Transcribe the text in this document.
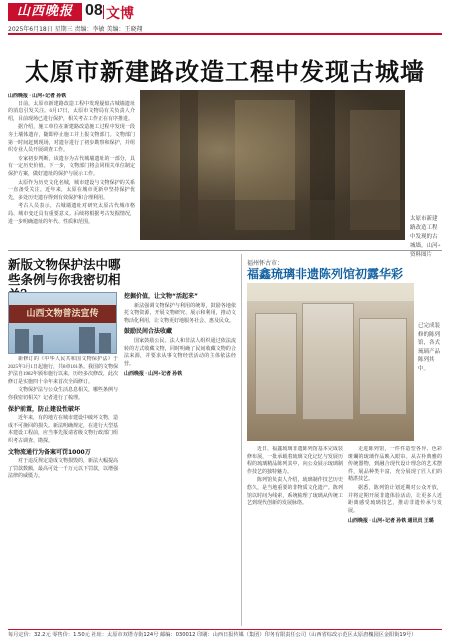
山西晚报 08 文博
2025年6月18日 星期三 责编：李敏 美编：王晓翔
太原市新建路改造工程中发现古城墙
山西晚报 · 山河+记者 孙铁

日前，太原市新建路改造工程中发现疑似古城墙遗址的消息引发关注。6月17日，太原市文物局有关负责人介绍，目前现场已进行保护，相关考古工作正在有序推进。

据介绍，施工单位在新建路改造施工过程中发现一段夯土墙体遗存，随即停止施工并上报文物部门。文物部门第一时间赶到现场，对遗存进行了初步勘察和保护，并组织专业人员开展调查工作。

专家初步判断，该遗存为古代城墙遗址的一部分，具有一定历史价值。下一步，文物部门将会同相关单位制定保护方案，做好遗址的保护与展示工作。

太原作为历史文化名城，城市建设与文物保护的关系一直备受关注。近年来，太原在城市更新中坚持保护优先，多处历史遗存得到有效保护和合理利用。

考古人员表示，古城墙遗址对研究太原古代城市格局、城市变迁具有重要意义。后续将根据考古发掘情况，进一步明确遗址的年代、性质和范围。	太原市新建路改造工程中发现的古城墙。山河+ 资料图片
新版文物保护法中哪些条例与你我密切相
山西文物普法宣传

新修订的《中华人民共和国文物保护法》于2025年3月1日起施行，共8章101条。我国的文物保护法自1982年颁布施行以来，历经多次修改，此次修订是实施四十余年来首次全面修订。

文物保护法与公众生活息息相关，哪些条例与你我密切相关？记者进行了梳理。

保护前置，防止建设性破坏

近年来，有的地方在城市建设中破坏文物，造成不可挽回的损失。新法明确规定，在进行大型基本建设工程前，应当事先报请省级文物行政部门组织考古调查、勘探。

文物流通行为备案可罚1000万

对于违反规定造成文物损毁的，新法大幅提高了罚款数额，最高可处一千万元以下罚款，以增强法律的威慑力。

挖掘价值，让文物“活起来”

新法强调文物保护与利用的统筹，鼓励各地依托文物资源，开展文物研究、展示和利用，推动文物活化利用，让文物更好地服务社会、惠及民众。

鼓励民间合法收藏

国家鼓励公民、法人和非法人组织通过依法流转的方式收藏文物，同时明确了民间收藏文物的合法来源，并要求从事文物经营活动的主体依法经营。

山西晚报 · 山河+记者 孙铁
福州怀古市：
福鑫琉璃非遗陈列馆初露华彩
已完成装修的陈列馆，各式琉璃产品陈列其中。

近日，福鑫琉璃非遗陈列馆基本完成装修布展，一批承载着琉璃文化记忆与发展历程的琉璃精品陈列其中，向公众展示琉璃制作技艺的独特魅力。

陈列馆负责人介绍，琉璃制作技艺历史悠久，是当地重要的非物质文化遗产。陈列馆以时间为线索，系统梳理了琉璃从传统工艺到现代创新的发展脉络。

走进陈列馆，一件件造型各异、色彩斑斓的琉璃作品映入眼帘。从古朴典雅的传统器物，到融合现代设计理念的艺术摆件，展品种类丰富，充分展现了匠人们的精湛技艺。

据悉，陈列馆计划近期对公众开放，并将定期开展非遗体验活动，让更多人近距离感受琉璃技艺，推动非遗传承与发展。

山西晚报 · 山河+记者 孙铁 通讯员 王璐
每月定价：32.2元 零售价：1.50元 社址：太原市双塔寺街124号 邮编：030012 印刷：山西日报传媒（集团）印务有限责任公司（山西省综改示范区太原唐槐园区金阳街19号）
